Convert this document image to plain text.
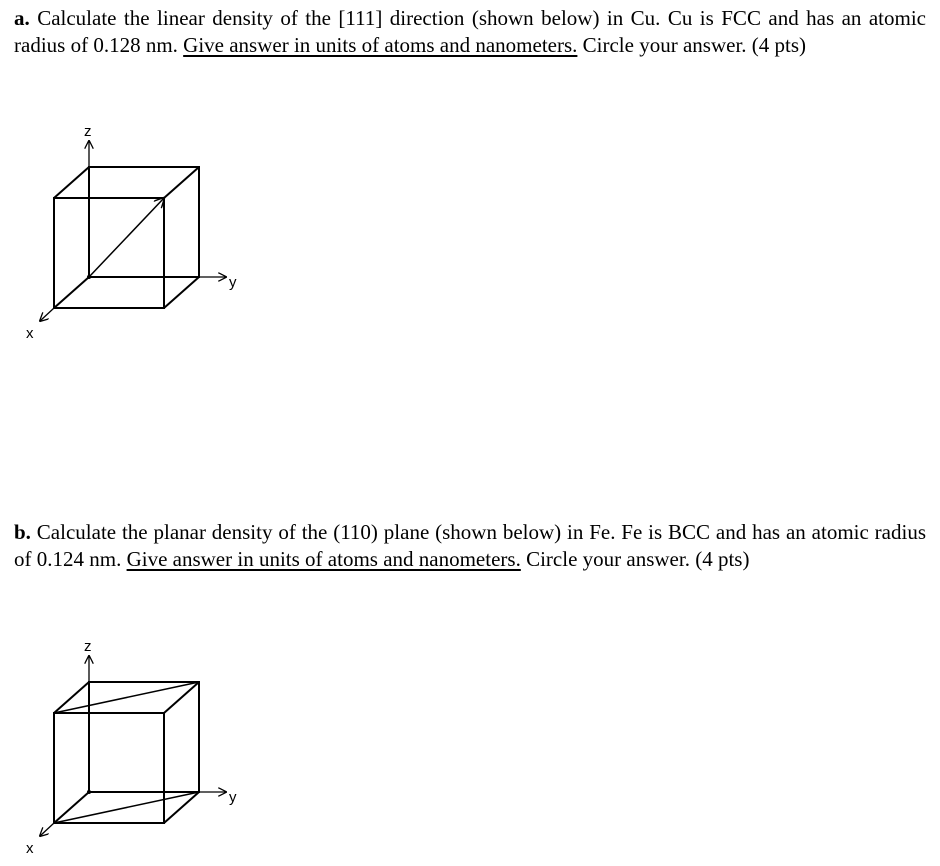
a. Calculate the linear density of the [111] direction (shown below) in Cu. Cu is FCC and has an atomic radius of 0.128 nm. Give answer in units of atoms and nanometers. Circle your answer. (4 pts)
z
y
x
b. Calculate the planar density of the (110) plane (shown below) in Fe. Fe is BCC and has an atomic radius of 0.124 nm. Give answer in units of atoms and nanometers. Circle your answer. (4 pts)
z
y
x
